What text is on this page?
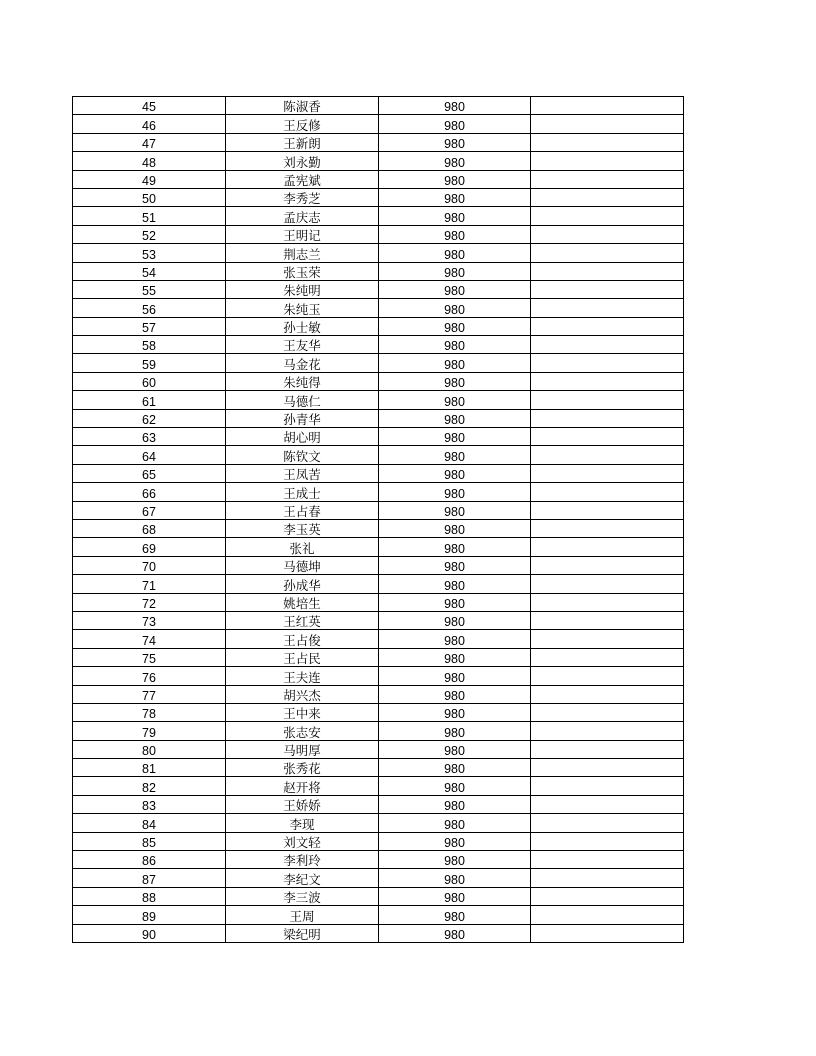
45	陈淑香	980	
46	王反修	980	
47	王新朗	980	
48	刘永勤	980	
49	孟宪斌	980	
50	李秀芝	980	
51	孟庆志	980	
52	王明记	980	
53	荆志兰	980	
54	张玉荣	980	
55	朱纯明	980	
56	朱纯玉	980	
57	孙士敏	980	
58	王友华	980	
59	马金花	980	
60	朱纯得	980	
61	马德仁	980	
62	孙青华	980	
63	胡心明	980	
64	陈钦文	980	
65	王凤苦	980	
66	王成士	980	
67	王占春	980	
68	李玉英	980	
69	张礼	980	
70	马德坤	980	
71	孙成华	980	
72	姚培生	980	
73	王红英	980	
74	王占俊	980	
75	王占民	980	
76	王夫连	980	
77	胡兴杰	980	
78	王中来	980	
79	张志安	980	
80	马明厚	980	
81	张秀花	980	
82	赵开将	980	
83	王娇娇	980	
84	李现	980	
85	刘文轻	980	
86	李利玲	980	
87	李纪文	980	
88	李三波	980	
89	王周	980	
90	梁纪明	980	
